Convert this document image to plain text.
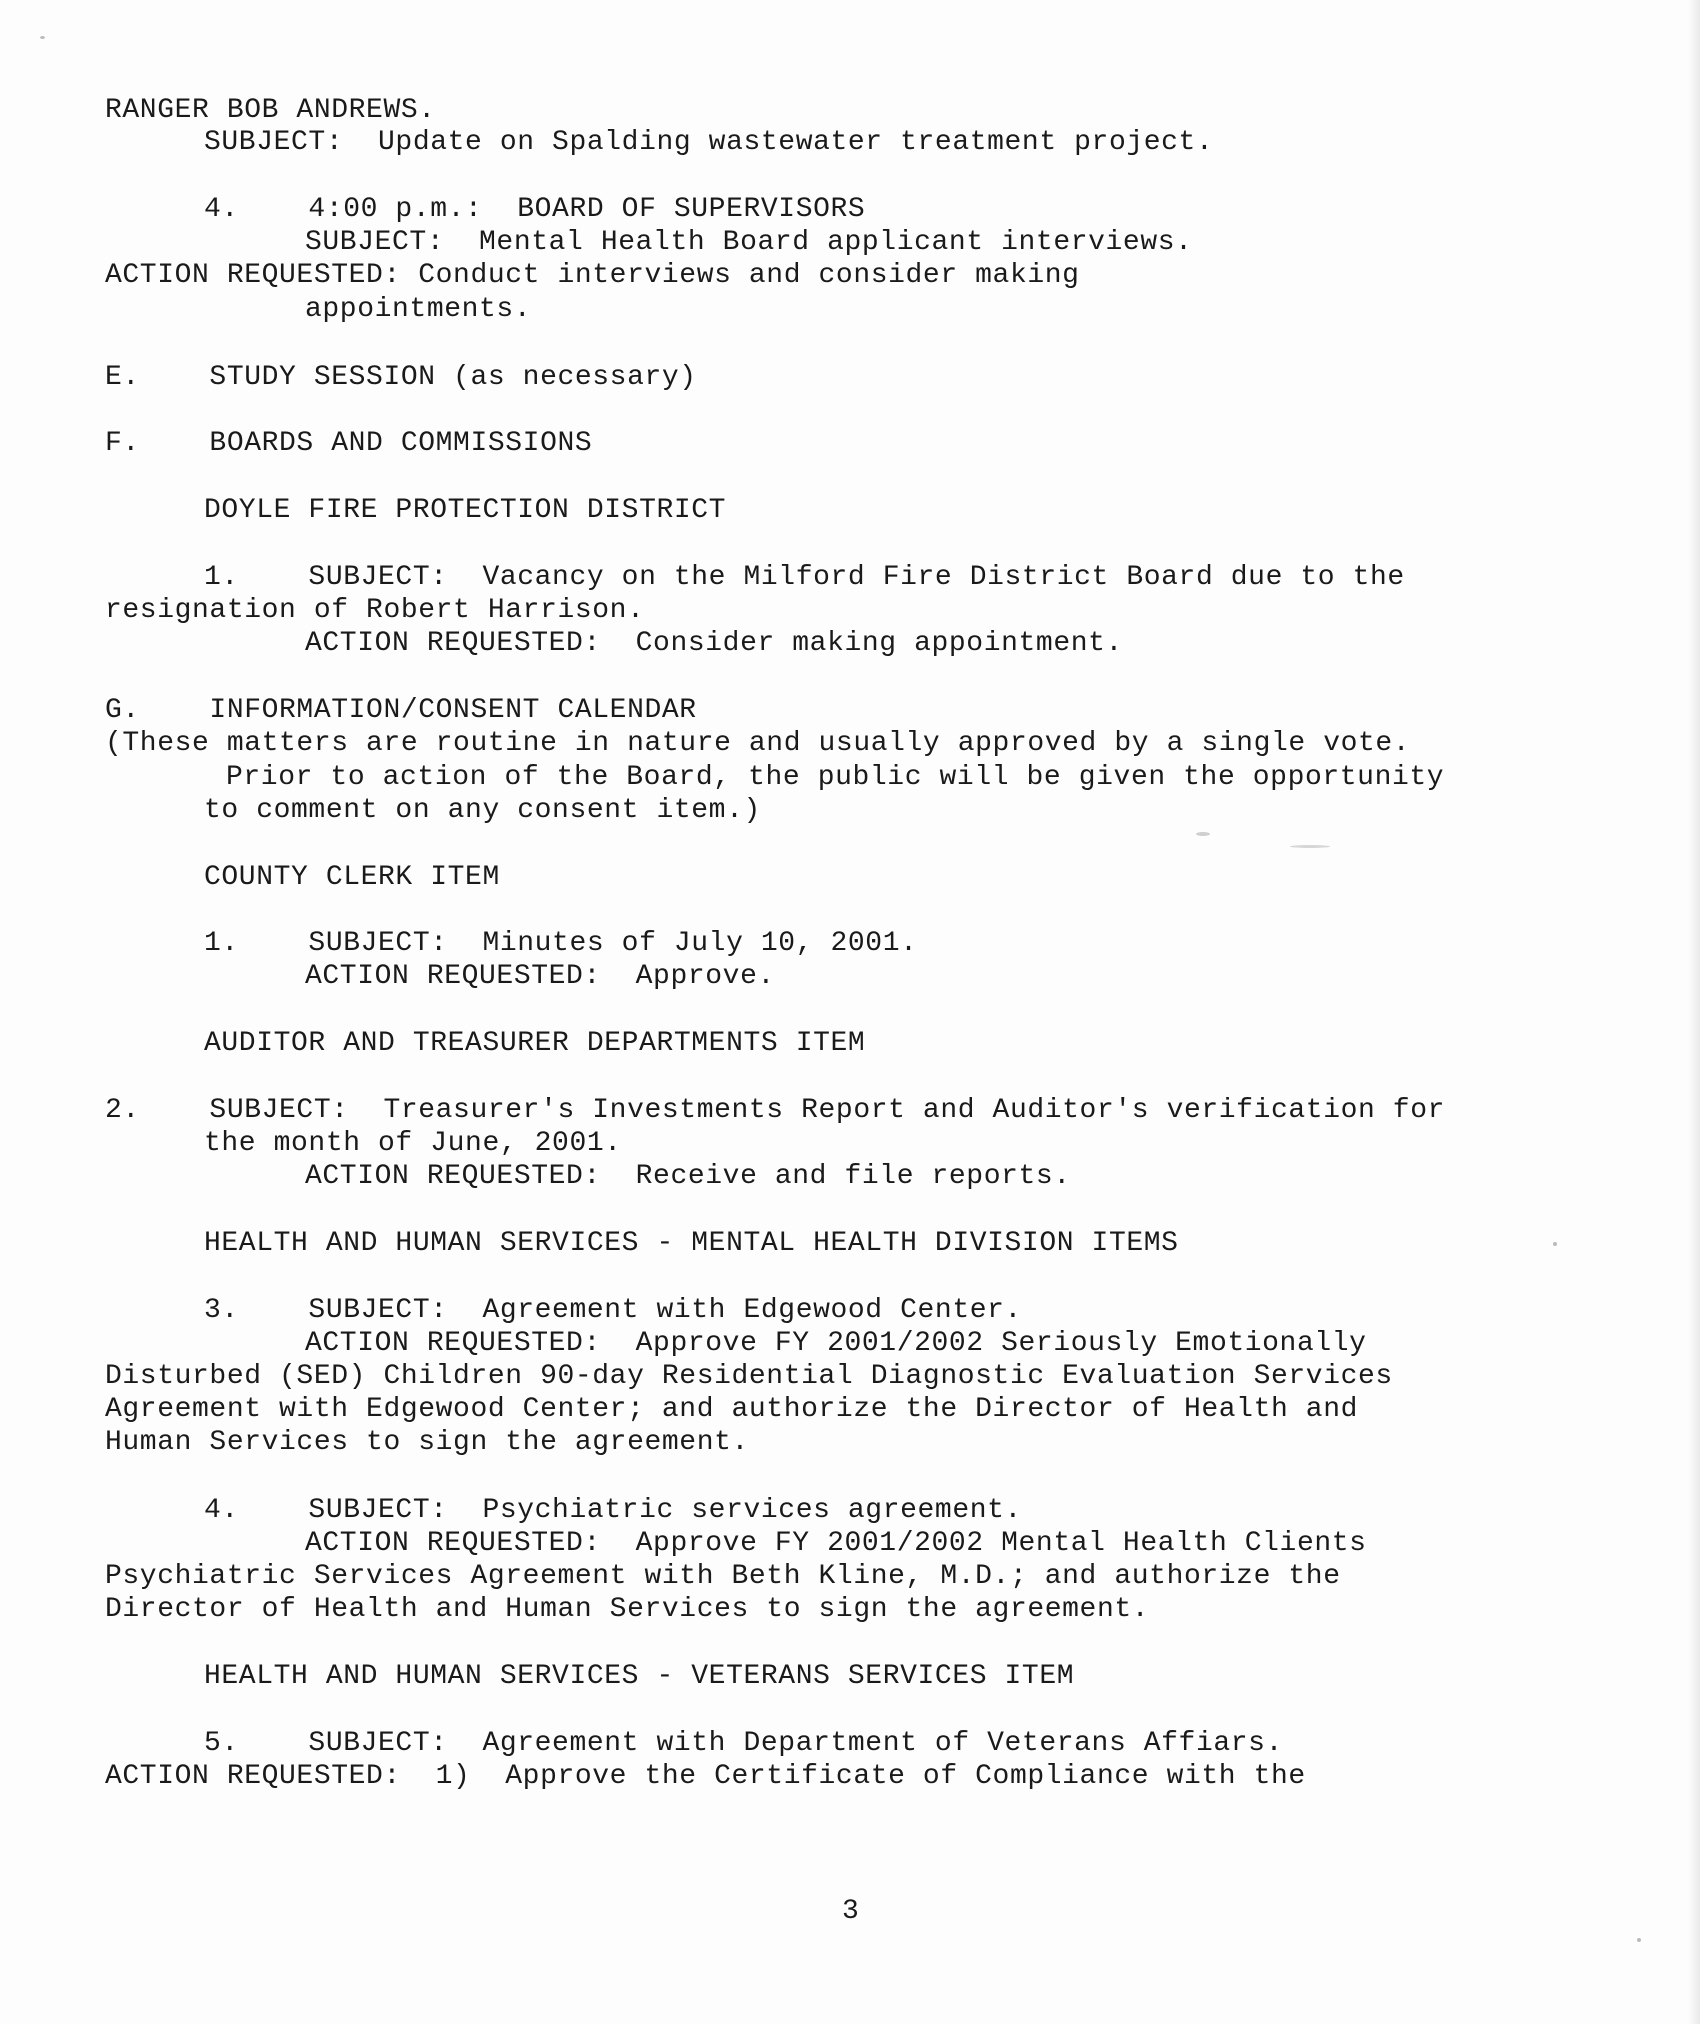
RANGER BOB ANDREWS.
SUBJECT:  Update on Spalding wastewater treatment project.
4.    4:00 p.m.:  BOARD OF SUPERVISORS
SUBJECT:  Mental Health Board applicant interviews.
ACTION REQUESTED: Conduct interviews and consider making
appointments.
E.    STUDY SESSION (as necessary)
F.    BOARDS AND COMMISSIONS
DOYLE FIRE PROTECTION DISTRICT
1.    SUBJECT:  Vacancy on the Milford Fire District Board due to the
resignation of Robert Harrison.
ACTION REQUESTED:  Consider making appointment.
G.    INFORMATION/CONSENT CALENDAR
(These matters are routine in nature and usually approved by a single vote.
Prior to action of the Board, the public will be given the opportunity
to comment on any consent item.)
COUNTY CLERK ITEM
1.    SUBJECT:  Minutes of July 10, 2001.
ACTION REQUESTED:  Approve.
AUDITOR AND TREASURER DEPARTMENTS ITEM
2.    SUBJECT:  Treasurer's Investments Report and Auditor's verification for
the month of June, 2001.
ACTION REQUESTED:  Receive and file reports.
HEALTH AND HUMAN SERVICES - MENTAL HEALTH DIVISION ITEMS
3.    SUBJECT:  Agreement with Edgewood Center.
ACTION REQUESTED:  Approve FY 2001/2002 Seriously Emotionally
Disturbed (SED) Children 90-day Residential Diagnostic Evaluation Services
Agreement with Edgewood Center; and authorize the Director of Health and
Human Services to sign the agreement.
4.    SUBJECT:  Psychiatric services agreement.
ACTION REQUESTED:  Approve FY 2001/2002 Mental Health Clients
Psychiatric Services Agreement with Beth Kline, M.D.; and authorize the
Director of Health and Human Services to sign the agreement.
HEALTH AND HUMAN SERVICES - VETERANS SERVICES ITEM
5.    SUBJECT:  Agreement with Department of Veterans Affiars.
ACTION REQUESTED:  1)  Approve the Certificate of Compliance with the
3
